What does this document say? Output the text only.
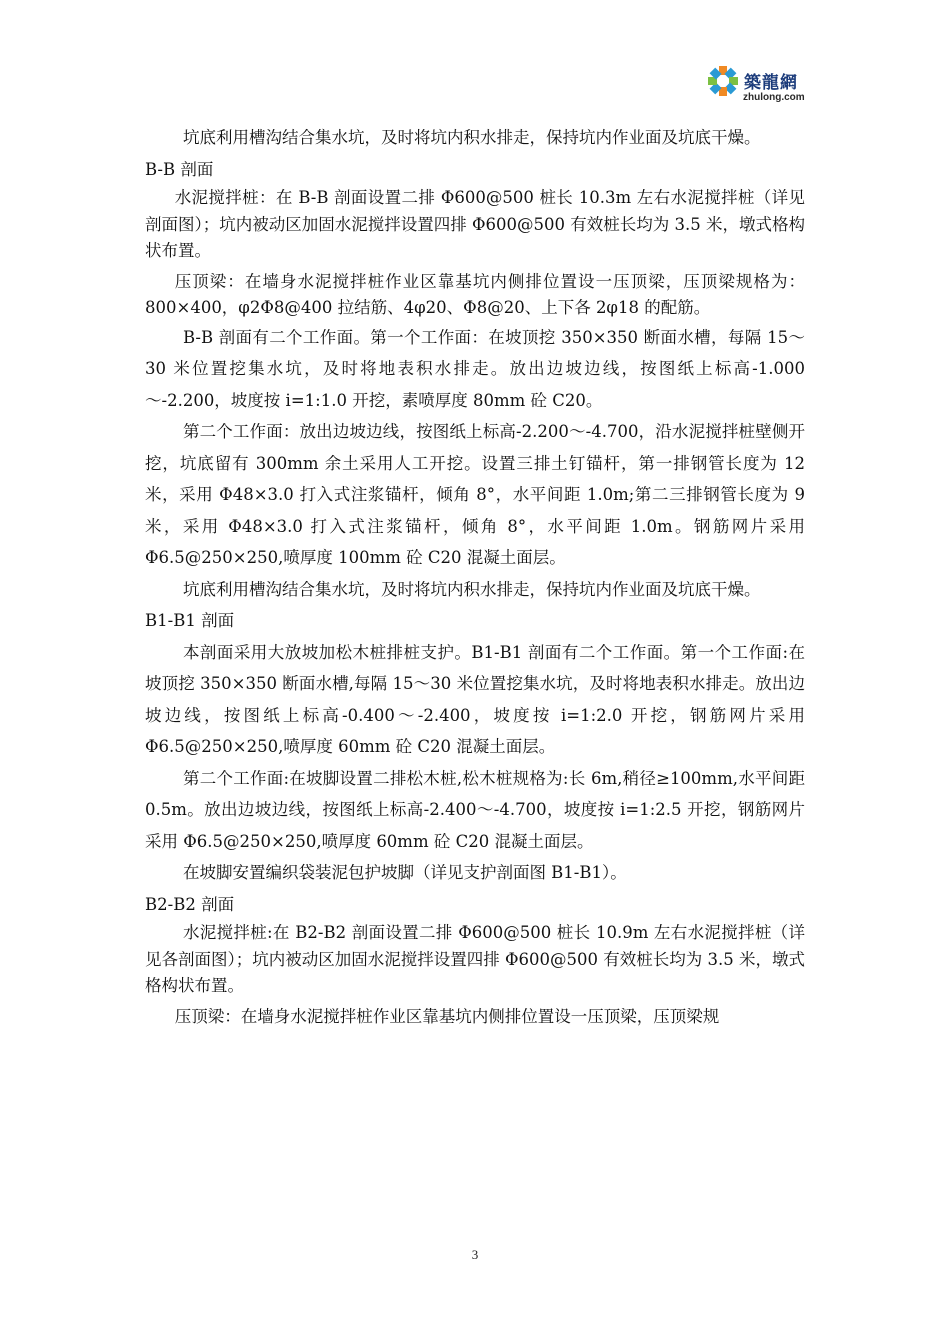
築龍網
zhulong.com

坑底利用槽沟结合集水坑，及时将坑内积水排走，保持坑内作业面及坑底干燥。

B-B 剖面

水泥搅拌桩：在 B-B 剖面设置二排 Φ600@500 桩长 10.3m 左右水泥搅拌桩（详见剖面图）；坑内被动区加固水泥搅拌设置四排 Φ600@500 有效桩长均为 3.5 米，墩式格构状布置。

压顶梁：在墙身水泥搅拌桩作业区靠基坑内侧排位置设一压顶梁，压顶梁规格为：800×400，φ2Φ8@400 拉结筋、4φ20、Φ8@20、上下各 2φ18 的配筋。

B-B 剖面有二个工作面。第一个工作面：在坡顶挖 350×350 断面水槽，每隔 15～30 米位置挖集水坑，及时将地表积水排走。放出边坡边线，按图纸上标高-1.000～-2.200，坡度按 i=1:1.0 开挖，素喷厚度 80mm 砼 C20。

第二个工作面：放出边坡边线，按图纸上标高-2.200～-4.700，沿水泥搅拌桩壁侧开挖，坑底留有 300mm 余土采用人工开挖。设置三排土钉锚杆，第一排钢管长度为 12 米，采用 Φ48×3.0 打入式注浆锚杆，倾角 8°，水平间距 1.0m;第二三排钢管长度为 9 米，采用 Φ48×3.0 打入式注浆锚杆，倾角 8°，水平间距 1.0m。钢筋网片采用 Φ6.5@250×250,喷厚度 100mm 砼 C20 混凝土面层。

坑底利用槽沟结合集水坑，及时将坑内积水排走，保持坑内作业面及坑底干燥。

B1-B1 剖面

本剖面采用大放坡加松木桩排桩支护。B1-B1 剖面有二个工作面。第一个工作面:在坡顶挖 350×350 断面水槽,每隔 15～30 米位置挖集水坑，及时将地表积水排走。放出边坡边线，按图纸上标高-0.400～-2.400，坡度按 i=1:2.0 开挖，钢筋网片采用 Φ6.5@250×250,喷厚度 60mm 砼 C20 混凝土面层。

第二个工作面:在坡脚设置二排松木桩,松木桩规格为:长 6m,稍径≥100mm,水平间距 0.5m。放出边坡边线，按图纸上标高-2.400～-4.700，坡度按 i=1:2.5 开挖，钢筋网片采用 Φ6.5@250×250,喷厚度 60mm 砼 C20 混凝土面层。

在坡脚安置编织袋装泥包护坡脚（详见支护剖面图 B1-B1）。

B2-B2 剖面

水泥搅拌桩:在 B2-B2 剖面设置二排 Φ600@500 桩长 10.9m 左右水泥搅拌桩（详见各剖面图）；坑内被动区加固水泥搅拌设置四排 Φ600@500 有效桩长均为 3.5 米，墩式格构状布置。

压顶梁：在墙身水泥搅拌桩作业区靠基坑内侧排位置设一压顶梁，压顶梁规

3
